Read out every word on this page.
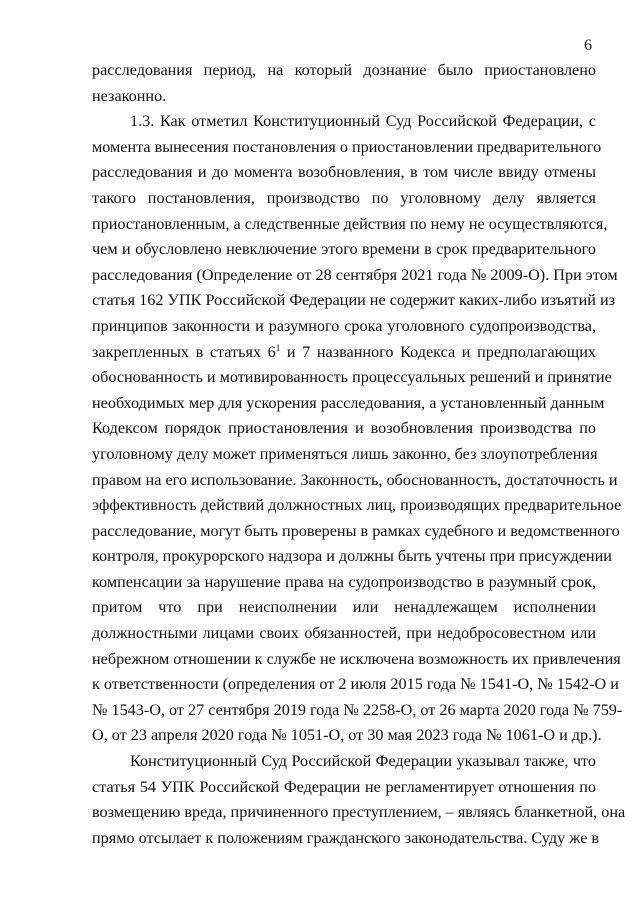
6
расследования период, на который дознание было приостановлено
незаконно.
1.3. Как отметил Конституционный Суд Российской Федерации, с
момента вынесения постановления о приостановлении предварительного
расследования и до момента возобновления, в том числе ввиду отмены
такого постановления, производство по уголовному делу является
приостановленным, а следственные действия по нему не осуществляются,
чем и обусловлено невключение этого времени в срок предварительного
расследования (Определение от 28 сентября 2021 года № 2009-О). При этом
статья 162 УПК Российской Федерации не содержит каких-либо изъятий из
принципов законности и разумного срока уголовного судопроизводства,
закрепленных в статьях $6^1$ и 7 названного Кодекса и предполагающих
обоснованность и мотивированность процессуальных решений и принятие
необходимых мер для ускорения расследования, а установленный данным
Кодексом порядок приостановления и возобновления производства по
уголовному делу может применяться лишь законно, без злоупотребления
правом на его использование. Законность, обоснованность, достаточность и
эффективность действий должностных лиц, производящих предварительное
расследование, могут быть проверены в рамках судебного и ведомственного
контроля, прокурорского надзора и должны быть учтены при присуждении
компенсации за нарушение права на судопроизводство в разумный срок,
притом что при неисполнении или ненадлежащем исполнении
должностными лицами своих обязанностей, при недобросовестном или
небрежном отношении к службе не исключена возможность их привлечения
к ответственности (определения от 2 июля 2015 года № 1541-О, № 1542-О и
№ 1543-О, от 27 сентября 2019 года № 2258-О, от 26 марта 2020 года № 759-
О, от 23 апреля 2020 года № 1051-О, от 30 мая 2023 года № 1061-О и др.).
Конституционный Суд Российской Федерации указывал также, что
статья 54 УПК Российской Федерации не регламентирует отношения по
возмещению вреда, причиненного преступлением, – являясь бланкетной, она
прямо отсылает к положениям гражданского законодательства. Суду же в
